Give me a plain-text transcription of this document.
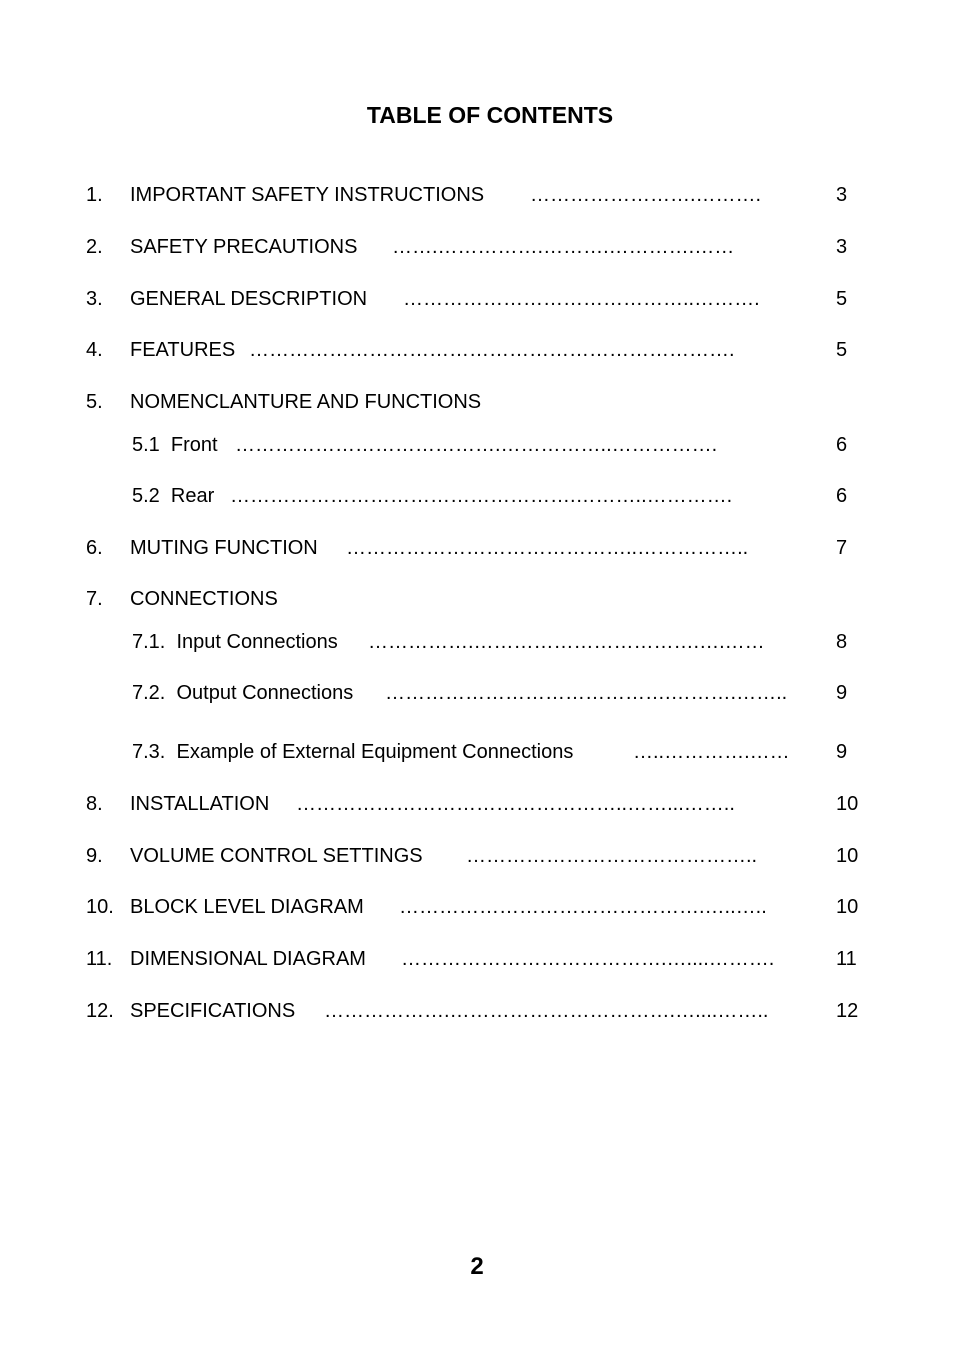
TABLE OF CONTENTS
1. IMPORTANT SAFETY INSTRUCTIONS …………………….……….	3
2. SAFETY PRECAUTIONS …….…………….……….………….……	3
3. GENERAL DESCRIPTION ……………………………………..……….	5
4. FEATURES ……………………………………………………………….	5
5. NOMENCLANTURE AND FUNCTIONS
5.1  Front ………………………………….……………..…………….	6
5.2  Rear …………………………………………….………..………….	6
6. MUTING FUNCTION ……………………………………..……………..	7
7. CONNECTIONS
7.1.  Input Connections …………….…………………………….….……	8
7.2.  Output Connections …………………………………….……….……..	9
7.3.  Example of External Equipment Connections	…..………….……	9
8. INSTALLATION …………………………………………..……...……..	10
9. VOLUME CONTROL SETTINGS ……………………………………..	10
10. BLOCK LEVEL DIAGRAM ……………………………………….…..…..	10
11. DIMENSIONAL DIAGRAM ………………………………….…....……….	11
12. SPECIFICATIONS ……………….…………………………….…....……..	12
2
